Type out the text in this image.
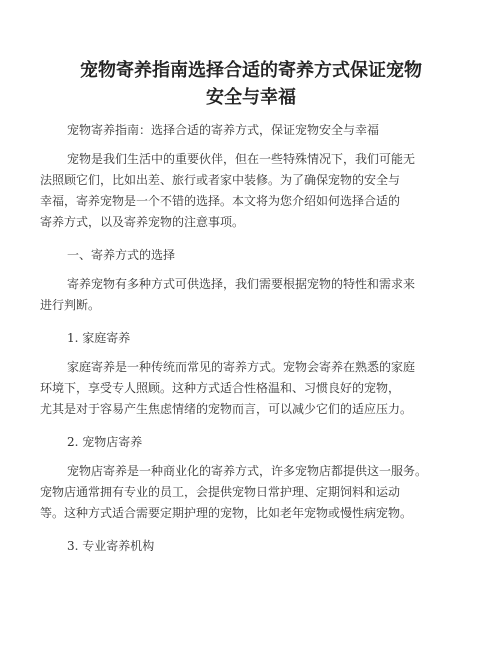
宠物寄养指南选择合适的寄养方式保证宠物
安全与幸福

宠物寄养指南：选择合适的寄养方式，保证宠物安全与幸福

宠物是我们生活中的重要伙伴，但在一些特殊情况下，我们可能无
法照顾它们，比如出差、旅行或者家中装修。为了确保宠物的安全与
幸福，寄养宠物是一个不错的选择。本文将为您介绍如何选择合适的
寄养方式，以及寄养宠物的注意事项。

一、寄养方式的选择

寄养宠物有多种方式可供选择，我们需要根据宠物的特性和需求来
进行判断。

1. 家庭寄养

家庭寄养是一种传统而常见的寄养方式。宠物会寄养在熟悉的家庭
环境下，享受专人照顾。这种方式适合性格温和、习惯良好的宠物，
尤其是对于容易产生焦虑情绪的宠物而言，可以减少它们的适应压力。

2. 宠物店寄养

宠物店寄养是一种商业化的寄养方式，许多宠物店都提供这一服务。
宠物店通常拥有专业的员工，会提供宠物日常护理、定期饲料和运动
等。这种方式适合需要定期护理的宠物，比如老年宠物或慢性病宠物。

3. 专业寄养机构
